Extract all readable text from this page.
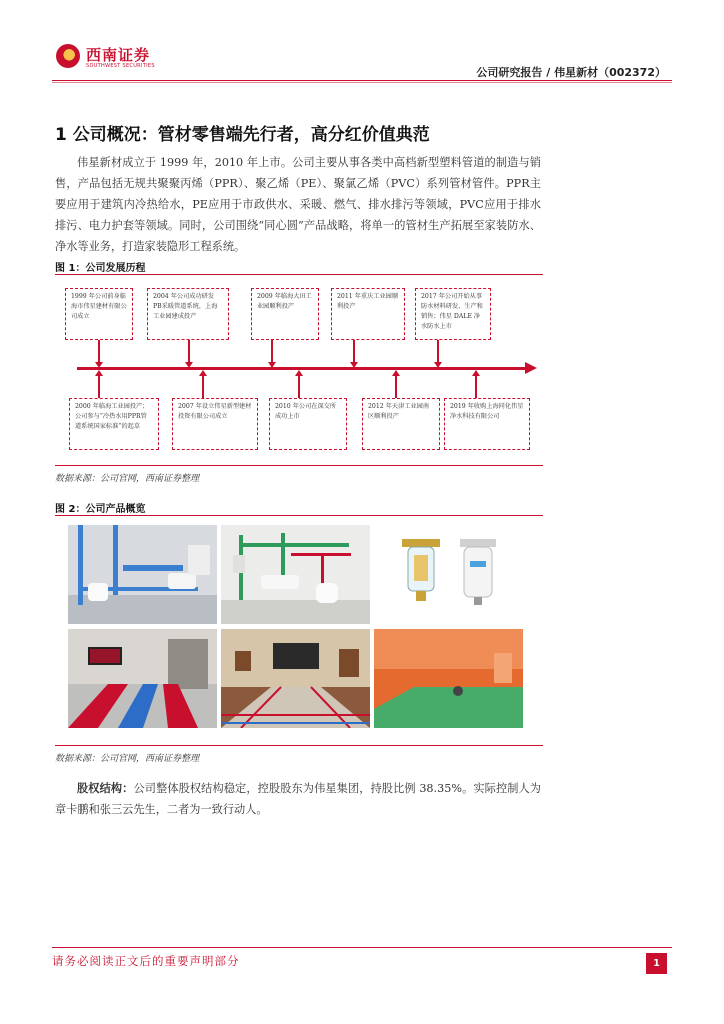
西南证券
SOUTHWEST SECURITIES	公司研究报告 / 伟星新材（002372）
1 公司概况：管材零售端先行者，高分红价值典范
伟星新材成立于 1999 年，2010 年上市。公司主要从事各类中高档新型塑料管道的制造与销售，产品包括无规共聚聚丙烯（PPR）、聚乙烯（PE）、聚氯乙烯（PVC）系列管材管件。PPR主要应用于建筑内冷热给水，PE应用于市政供水、采暖、燃气、排水排污等领域，PVC应用于排水排污、电力护套等领域。同时，公司围绕“同心圆”产品战略，将单一的管材生产拓展至家装防水、净水等业务，打造家装隐形工程系统。
图 1：公司发展历程
1999 年公司前身临海市伟星建材有限公司成立
2004 年公司成功研发 PB采暖管道系统，上海工业园建成投产
2009 年临海大田工业园顺利投产
2011 年重庆工业园顺利投产
2017 年公司开始从事防水材料研发、生产和销售；伟星 DALE 净水防水上市
2000 年临海工业园投产；公司参与“冷热水用PPR管道系统国家标准”的起草
2007 年设立伟星新型建材投资有限公司成立
2010 年公司在深交所成功上市
2012 年天津工业园南区顺利投产
2019 年收购上海同化伟星净水科技有限公司
数据来源：公司官网，西南证券整理
图 2：公司产品概览
数据来源：公司官网，西南证券整理
股权结构：公司整体股权结构稳定，控股股东为伟星集团，持股比例 38.35%。实际控制人为章卡鹏和张三云先生，二者为一致行动人。
请务必阅读正文后的重要声明部分	1
